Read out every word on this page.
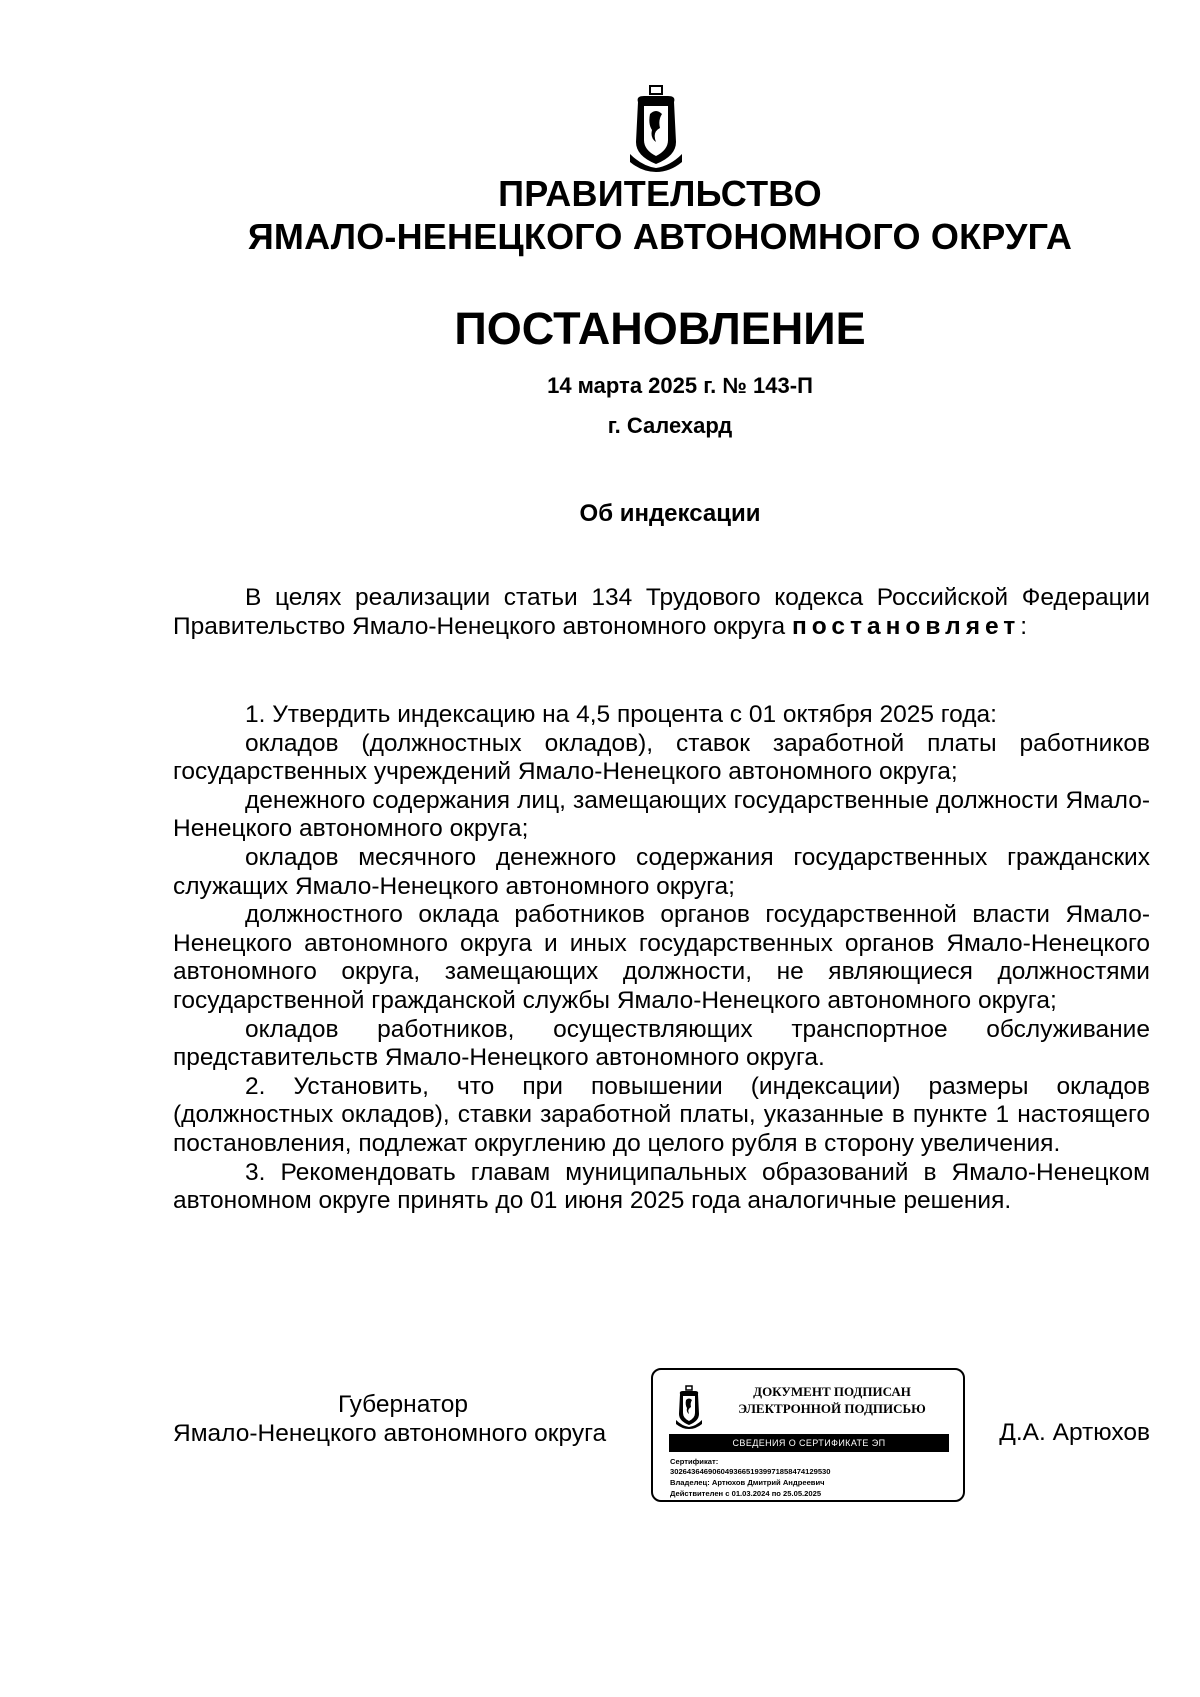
ПРАВИТЕЛЬСТВО
ЯМАЛО-НЕНЕЦКОГО АВТОНОМНОГО ОКРУГА
ПОСТАНОВЛЕНИЕ
14 марта 2025 г. № 143-П
г. Салехард
Об индексации

В целях реализации статьи 134 Трудового кодекса Российской Федерации Правительство Ямало-Ненецкого автономного округа постановляет:

1. Утвердить индексацию на 4,5 процента с 01 октября 2025 года:

окладов (должностных окладов), ставок заработной платы работников государственных учреждений Ямало-Ненецкого автономного округа;

денежного содержания лиц, замещающих государственные должности Ямало-Ненецкого автономного округа;

окладов месячного денежного содержания государственных гражданских служащих Ямало-Ненецкого автономного округа;

должностного оклада работников органов государственной власти Ямало-Ненецкого автономного округа и иных государственных органов Ямало-Ненецкого автономного округа, замещающих должности, не являющиеся должностями государственной гражданской службы Ямало-Ненецкого автономного округа;

окладов работников, осуществляющих транспортное обслуживание представительств Ямало-Ненецкого автономного округа.

2. Установить, что при повышении (индексации) размеры окладов (должностных окладов), ставки заработной платы, указанные в пункте 1 настоящего постановления, подлежат округлению до целого рубля в сторону увеличения.

3. Рекомендовать главам муниципальных образований в Ямало-Ненецком автономном округе принять до 01 июня 2025 года аналогичные решения.

Губернатор
Ямало-Ненецкого автономного округа
ДОКУМЕНТ ПОДПИСАН
ЭЛЕКТРОННОЙ ПОДПИСЬЮ
СВЕДЕНИЯ О СЕРТИФИКАТЕ ЭП
Сертификат:
30264364690604936651939971858474129530
Владелец: Артюхов Дмитрий Андреевич
Действителен с 01.03.2024 по 25.05.2025
Д.А. Артюхов
